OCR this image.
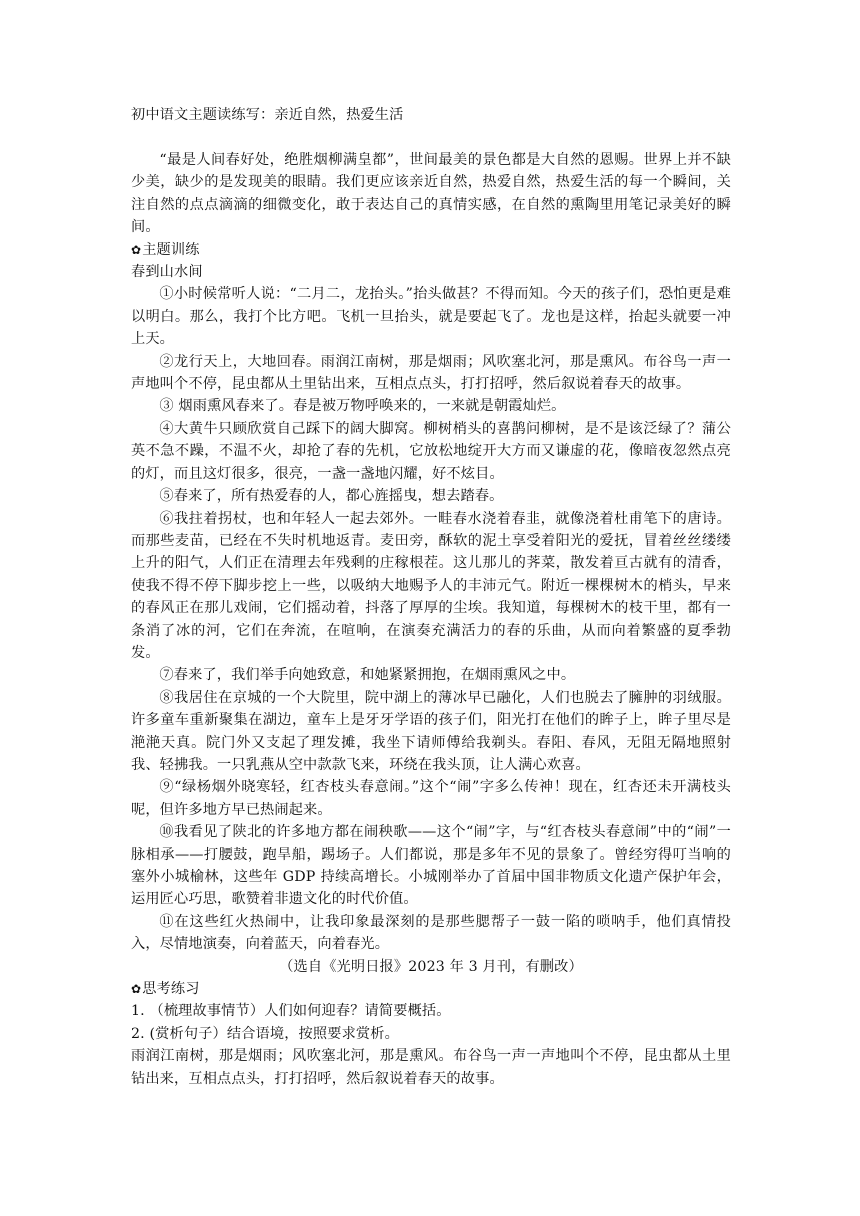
初中语文主题读练写：亲近自然，热爱生活

“最是人间春好处，绝胜烟柳满皇都”，世间最美的景色都是大自然的恩赐。世界上并不缺少美，缺少的是发现美的眼睛。我们更应该亲近自然，热爱自然，热爱生活的每一个瞬间，关注自然的点点滴滴的细微变化，敢于表达自己的真情实感，在自然的熏陶里用笔记录美好的瞬间。

✿主题训练

春到山水间

①小时候常听人说：“二月二，龙抬头。”抬头做甚？不得而知。今天的孩子们，恐怕更是难以明白。那么，我打个比方吧。飞机一旦抬头，就是要起飞了。龙也是这样，抬起头就要一冲上天。

②龙行天上，大地回春。雨润江南树，那是烟雨；风吹塞北河，那是熏风。布谷鸟一声一声地叫个不停，昆虫都从土里钻出来，互相点点头，打打招呼，然后叙说着春天的故事。

③ 烟雨熏风春来了。春是被万物呼唤来的，一来就是朝霞灿烂。

④大黄牛只顾欣赏自己踩下的阔大脚窝。柳树梢头的喜鹊问柳树，是不是该泛绿了？蒲公英不急不躁，不温不火，却抢了春的先机，它放松地绽开大方而又谦虚的花，像暗夜忽然点亮的灯，而且这灯很多，很亮，一盏一盏地闪耀，好不炫目。

⑤春来了，所有热爱春的人，都心旌摇曳，想去踏春。

⑥我拄着拐杖，也和年轻人一起去郊外。一畦春水浇着春韭，就像浇着杜甫笔下的唐诗。而那些麦苗，已经在不失时机地返青。麦田旁，酥软的泥土享受着阳光的爱抚，冒着丝丝缕缕上升的阳气，人们正在清理去年残剩的庄稼根茬。这儿那儿的荠菜，散发着亘古就有的清香，使我不得不停下脚步挖上一些，以吸纳大地赐予人的丰沛元气。附近一棵棵树木的梢头，早来的春风正在那儿戏闹，它们摇动着，抖落了厚厚的尘埃。我知道，每棵树木的枝干里，都有一条消了冰的河，它们在奔流，在喧响，在演奏充满活力的春的乐曲，从而向着繁盛的夏季勃发。

⑦春来了，我们举手向她致意，和她紧紧拥抱，在烟雨熏风之中。

⑧我居住在京城的一个大院里，院中湖上的薄冰早已融化，人们也脱去了臃肿的羽绒服。许多童车重新聚集在湖边，童车上是牙牙学语的孩子们，阳光打在他们的眸子上，眸子里尽是滟滟天真。院门外又支起了理发摊，我坐下请师傅给我剃头。春阳、春风，无阻无隔地照射我、轻拂我。一只乳燕从空中款款飞来，环绕在我头顶，让人满心欢喜。

⑨“绿杨烟外晓寒轻，红杏枝头春意闹。”这个“闹”字多么传神！现在，红杏还未开满枝头呢，但许多地方早已热闹起来。

⑩我看见了陕北的许多地方都在闹秧歌——这个“闹”字，与“红杏枝头春意闹”中的“闹”一脉相承——打腰鼓，跑旱船，踢场子。人们都说，那是多年不见的景象了。曾经穷得叮当响的塞外小城榆林，这些年 GDP 持续高增长。小城刚举办了首届中国非物质文化遗产保护年会，运用匠心巧思，歌赞着非遗文化的时代价值。

⑪在这些红火热闹中，让我印象最深刻的是那些腮帮子一鼓一陷的唢呐手，他们真情投入，尽情地演奏，向着蓝天，向着春光。

（选自《光明日报》2023 年 3 月刊，有删改）

✿思考练习

1. （梳理故事情节）人们如何迎春？请简要概括。

2. (赏析句子）结合语境，按照要求赏析。

雨润江南树，那是烟雨；风吹塞北河，那是熏风。布谷鸟一声一声地叫个不停，昆虫都从土里钻出来，互相点点头，打打招呼，然后叙说着春天的故事。
